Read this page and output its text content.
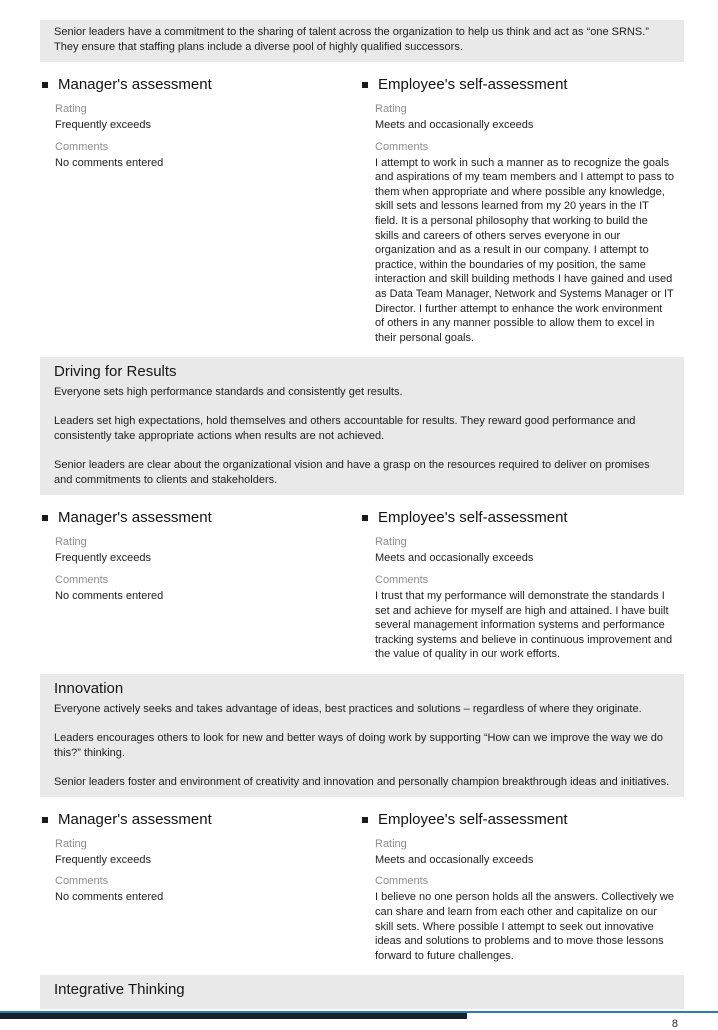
Senior leaders have a commitment to the sharing of talent across the organization to help us think and act as “one SRNS.” They ensure that staffing plans include a diverse pool of highly qualified successors.

Manager's assessment
Rating
Frequently exceeds
Comments
No comments entered
Employee's self-assessment
Rating
Meets and occasionally exceeds
Comments
I attempt to work in such a manner as to recognize the goals and aspirations of my team members and I attempt to pass to them when appropriate and where possible any knowledge, skill sets and lessons learned from my 20 years in the IT field. It is a personal philosophy that working to build the skills and careers of others serves everyone in our organization and as a result in our company. I attempt to practice, within the boundaries of my position, the same interaction and skill building methods I have gained and used as Data Team Manager, Network and Systems Manager or IT Director. I further attempt to enhance the work environment of others in any manner possible to allow them to excel in their personal goals.
Driving for Results

Everyone sets high performance standards and consistently get results.

Leaders set high expectations, hold themselves and others accountable for results. They reward good performance and consistently take appropriate actions when results are not achieved.

Senior leaders are clear about the organizational vision and have a grasp on the resources required to deliver on promises and commitments to clients and stakeholders.

Manager's assessment
Rating
Frequently exceeds
Comments
No comments entered
Employee's self-assessment
Rating
Meets and occasionally exceeds
Comments
I trust that my performance will demonstrate the standards I set and achieve for myself are high and attained. I have built several management information systems and performance tracking systems and believe in continuous improvement and the value of quality in our work efforts.
Innovation

Everyone actively seeks and takes advantage of ideas, best practices and solutions – regardless of where they originate.

Leaders encourages others to look for new and better ways of doing work by supporting “How can we improve the way we do this?” thinking.

Senior leaders foster and environment of creativity and innovation and personally champion breakthrough ideas and initiatives.

Manager's assessment
Rating
Frequently exceeds
Comments
No comments entered
Employee's self-assessment
Rating
Meets and occasionally exceeds
Comments
I believe no one person holds all the answers. Collectively we can share and learn from each other and capitalize on our skill sets. Where possible I attempt to seek out innovative ideas and solutions to problems and to move those lessons forward to future challenges.
Integrative Thinking
8
